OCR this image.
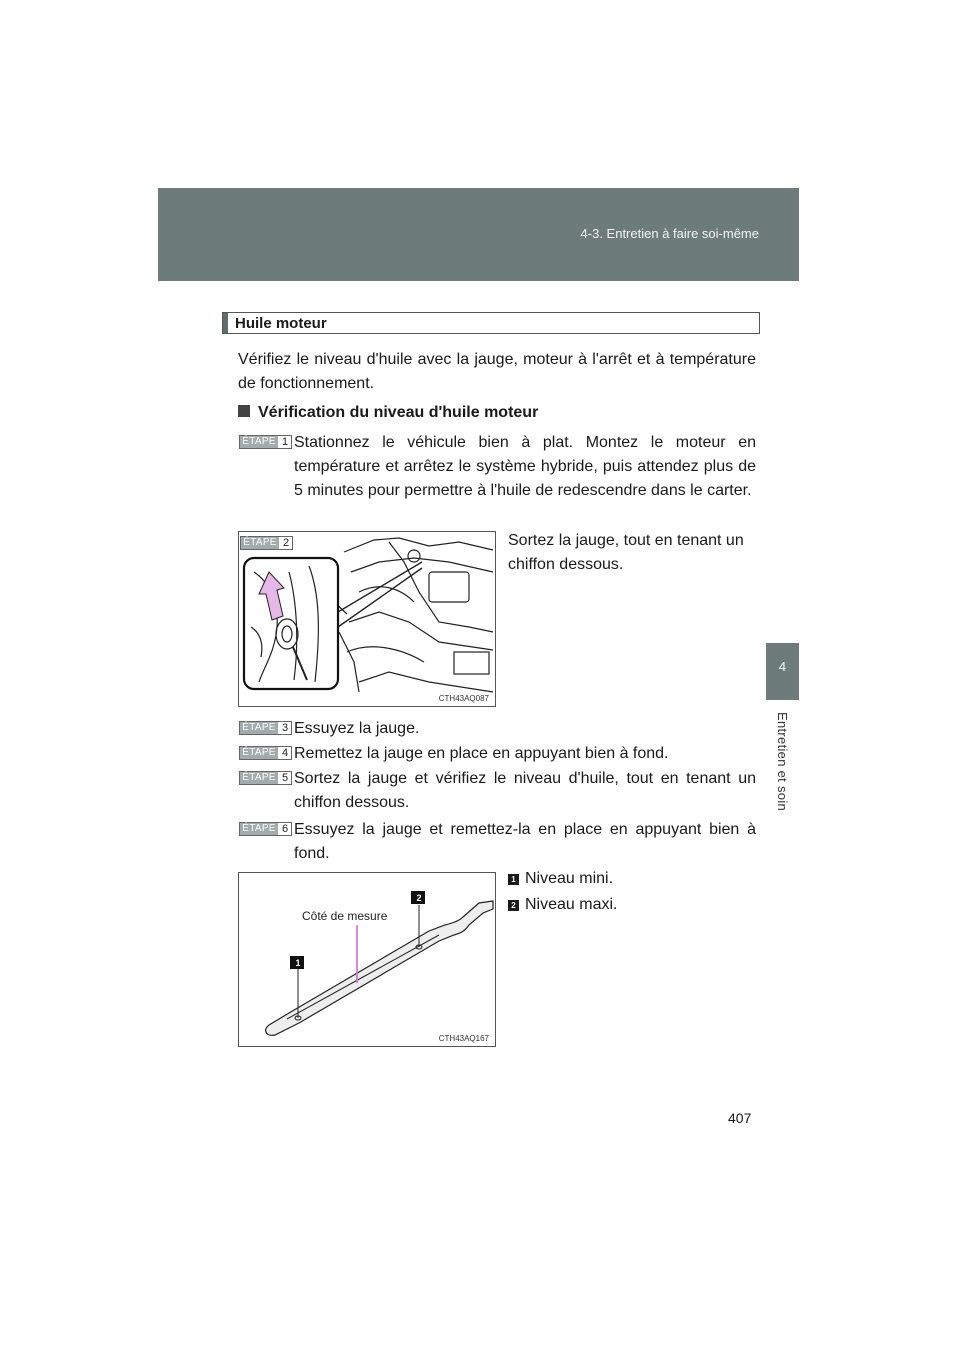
4-3. Entretien à faire soi-même
4
Entretien et soin
Huile moteur
Vérifiez le niveau d'huile avec la jauge, moteur à l'arrêt et à température de fonctionnement.
Vérification du niveau d'huile moteur
ÉTAPE 1 Stationnez le véhicule bien à plat. Montez le moteur en température et arrêtez le système hybride, puis attendez plus de 5 minutes pour permettre à l'huile de redescendre dans le carter.
ÉTAPE 2
CTH43AQ087
Sortez la jauge, tout en tenant un chiffon dessous.
ÉTAPE 3 Essuyez la jauge.
ÉTAPE 4 Remettez la jauge en place en appuyant bien à fond.
ÉTAPE 5 Sortez la jauge et vérifiez le niveau d'huile, tout en tenant un chiffon dessous.
ÉTAPE 6 Essuyez la jauge et remettez-la en place en appuyant bien à fond.
1
2
Côté de mesure
CTH43AQ167
1 Niveau mini.
2 Niveau maxi.
407
